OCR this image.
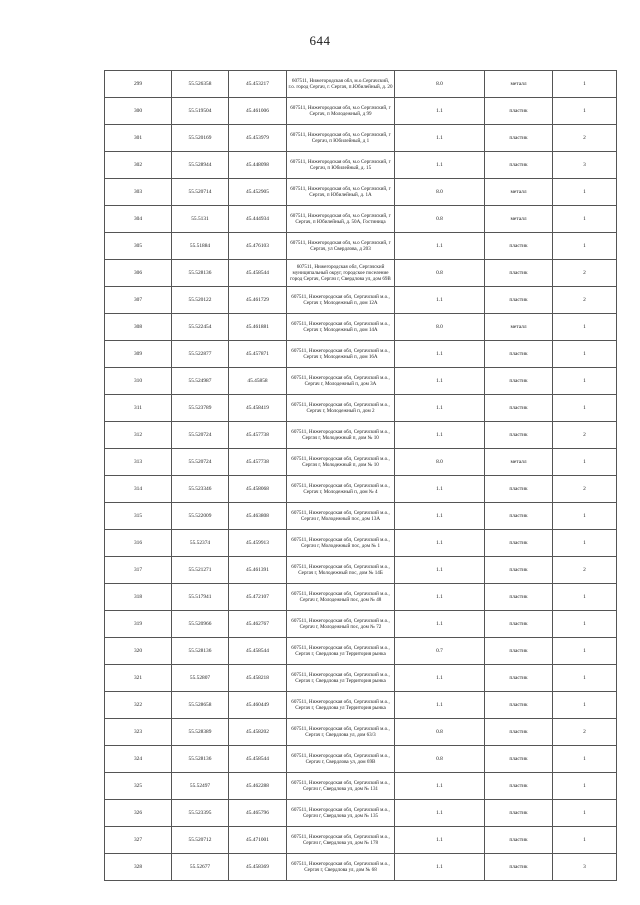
644
299	55.526358	45.453217	607511, Нижегородская обл, м.о.Сергачский, г.о. город Сергач, г. Сергач, п.Юбилейный, д. 20	8.0	металл	1
300	55.519504	45.461006	607511, Нижегородская обл, м.о Сергачский, г Сергач, п Молодежный, д 99	1.1	пластик	1
301	55.520169	45.453979	607511, Нижегородская обл, м.о Сергачский, г Сергач, п Юбилейный, д 1	1.1	пластик	2
302	55.528944	45.448098	607511, Нижегородская обл, м.о Сергачский, г Сергач, п Юбилейный, д. 15	1.1	пластик	3
303	55.520714	45.452905	607511, Нижегородская обл, м.о Сергачский, г Сергач, п Юбилейный, д. 1А	8.0	металл	1
304	55.5131	45.444934	607511, Нижегородская обл, м.о Сергачский, г Сергач, п Юбилейный, д. 50А, Гостиница	0.8	металл	1
305	55.51884	45.476103	607511, Нижегородская обл, м.о Сергачский, г Сергач, ул Свердлова, д 203	1.1	пластик	1
306	55.528136	45.458544	607511, Нижегородская обл, Сергачский муниципальный округ, городское поселение город Сергач, Сергач г, Свердлова ул, дом 69В	0.8	пластик	2
307	55.520122	45.461729	607511, Нижегородская обл, Сергачский м.о., Сергач г, Молодежный п, дом 12А	1.1	пластик	2
308	55.522454	45.461881	607511, Нижегородская обл, Сергачский м.о., Сергач г, Молодежный п, дом 14А	8.0	металл	1
309	55.522877	45.457871	607511, Нижегородская обл, Сергачский м.о., Сергач г, Молодежный п, дом 16А	1.1	пластик	1
310	55.524987	45.45858	607511, Нижегородская обл, Сергачский м.о., Сергач г, Молодежный п, дом 3А	1.1	пластик	1
311	55.523789	45.458419	607511, Нижегородская обл, Сергачский м.о., Сергач г, Молодежный п, дом 2	1.1	пластик	1
312	55.520724	45.457738	607511, Нижегородская обл, Сергачский м.о., Сергач г, Молодежный п, дом № 10	1.1	пластик	2
313	55.520724	45.457738	607511, Нижегородская обл, Сергачский м.о., Сергач г, Молодежный п, дом № 10	8.0	металл	1
314	55.523346	45.458068	607511, Нижегородская обл, Сергачский м.о., Сергач г, Молодежный п, дом № 4	1.1	пластик	2
315	55.522009	45.463808	607511, Нижегородская обл, Сергачский м.о., Сергач г, Молодежный пос, дом 13А	1.1	пластик	1
316	55.52374	45.459913	607511, Нижегородская обл, Сергачский м.о., Сергач г, Молодежный пос, дом № 1	1.1	пластик	1
317	55.521271	45.461391	607511, Нижегородская обл, Сергачский м.о., Сергач г, Молодежный пос, дом № 14Б	1.1	пластик	2
318	55.517941	45.472107	607511, Нижегородская обл, Сергачский м.о., Сергач г, Молодежный пос, дом № 48	1.1	пластик	1
319	55.520966	45.462767	607511, Нижегородская обл, Сергачский м.о., Сергач г, Молодежный пос, дом № 72	1.1	пластик	1
320	55.528136	45.458544	607511, Нижегородская обл, Сергачский м.о., Сергач г, Свердлова ул Территория рынка	0.7	пластик	1
321	55.52807	45.458218	607511, Нижегородская обл, Сергачский м.о., Сергач г, Свердлова ул Территория рынка	1.1	пластик	1
322	55.528658	45.460449	607511, Нижегородская обл, Сергачский м.о., Сергач г, Свердлова ул Территория рынка	1.1	пластик	1
323	55.528389	45.458202	607511, Нижегородская обл, Сергачский м.о., Сергач г, Свердлова ул, дом 63/3	0.8	пластик	2
324	55.528136	45.458544	607511, Нижегородская обл, Сергачский м.о., Сергач г, Свердлова ул, дом 69В	0.8	пластик	1
325	55.52497	45.462288	607511, Нижегородская обл, Сергачский м.о., Сергач г, Свердлова ул, дом № 131	1.1	пластик	1
326	55.523395	45.465796	607511, Нижегородская обл, Сергачский м.о., Сергач г, Свердлова ул, дом № 135	1.1	пластик	1
327	55.520712	45.471001	607511, Нижегородская обл, Сергачский м.о., Сергач г, Свердлова ул, дом № 178	1.1	пластик	1
328	55.52677	45.458369	607511, Нижегородская обл, Сергачский м.о., Сергач г, Свердлова ул, дом № 68	1.1	пластик	3
